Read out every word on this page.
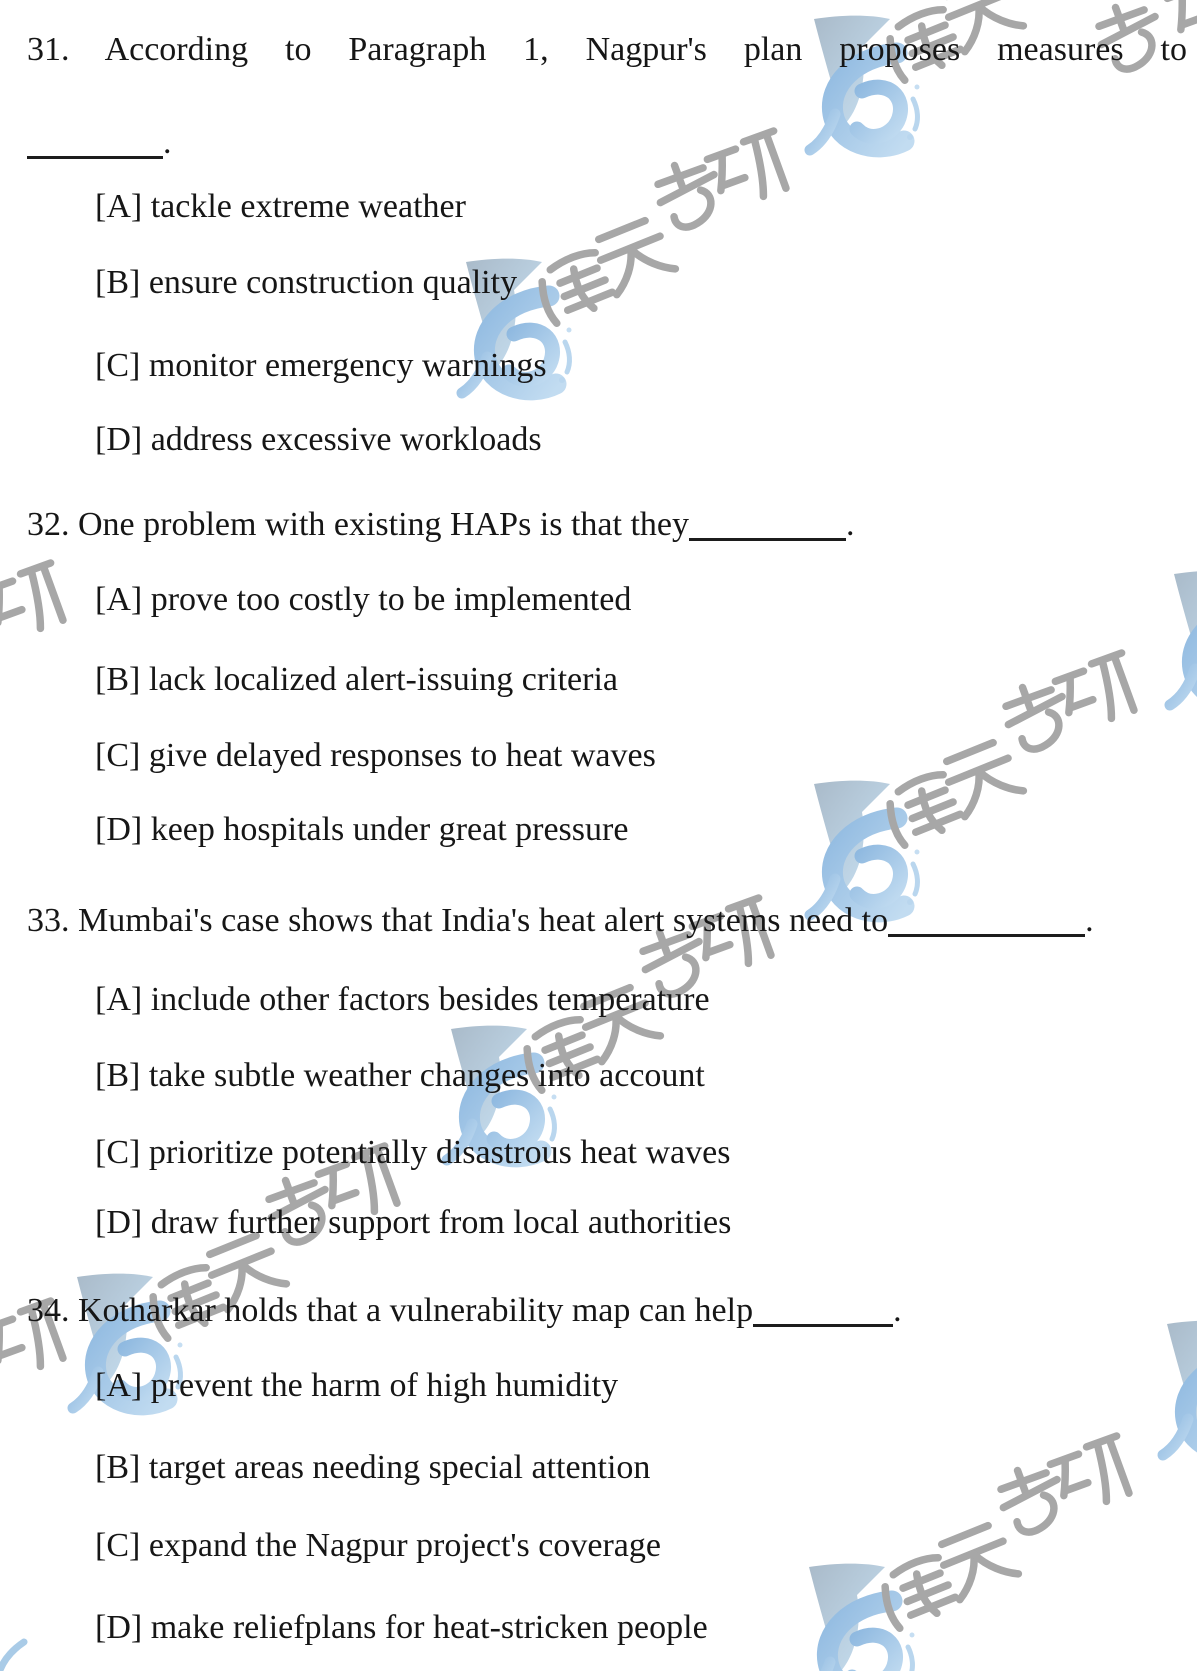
31. According to Paragraph 1, Nagpur's plan proposes measures to
.
[A] tackle extreme weather
[B] ensure construction quality
[C] monitor emergency warnings
[D] address excessive workloads
32. One problem with existing HAPs is that they	.
[A] prove too costly to be implemented
[B] lack localized alert-issuing criteria
[C] give delayed responses to heat waves
[D] keep hospitals under great pressure
33. Mumbai's case shows that India's heat alert systems need to	.
[A] include other factors besides temperature
[B] take subtle weather changes into account
[C] prioritize potentially disastrous heat waves
[D] draw further support from local authorities
34. Kotharkar holds that a vulnerability map can help	.
[A] prevent the harm of high humidity
[B] target areas needing special attention
[C] expand the Nagpur project's coverage
[D] make reliefplans for heat-stricken people
